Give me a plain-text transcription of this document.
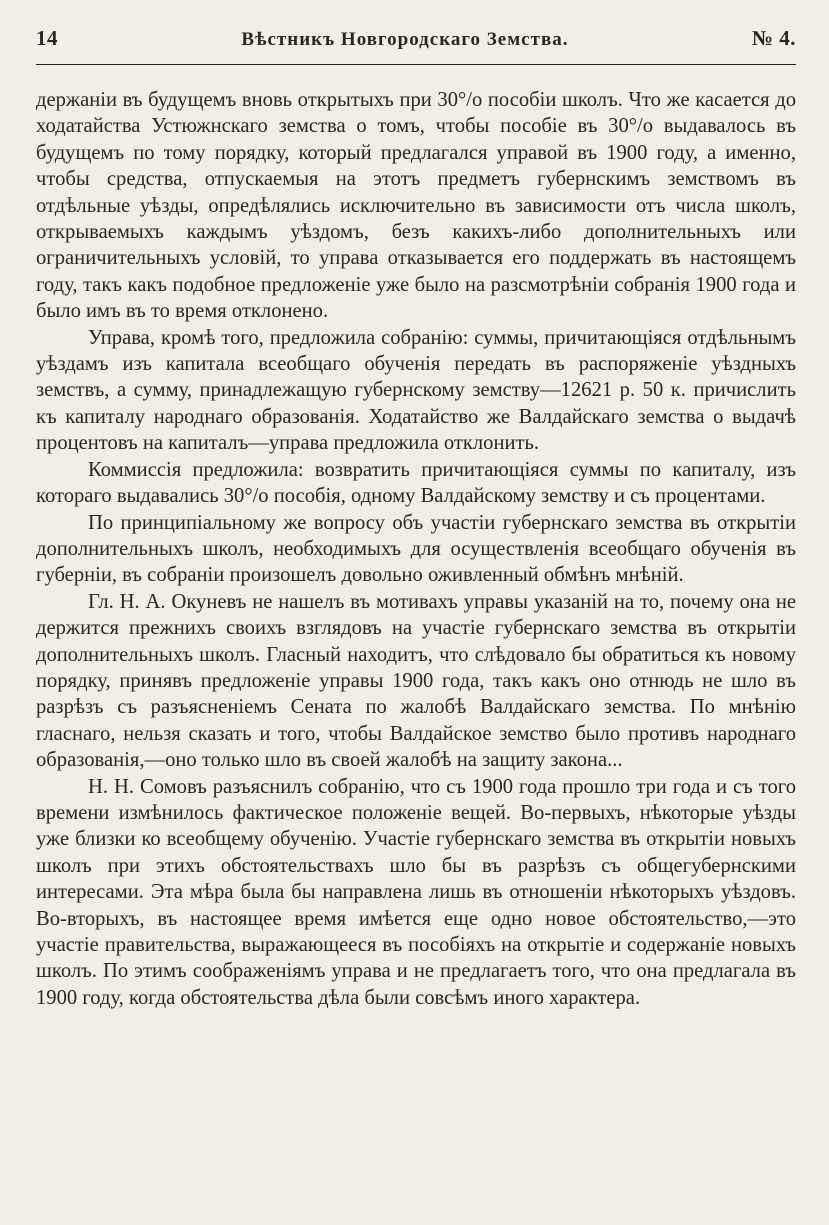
14	Вѣстникъ Новгородскаго Земства.	№ 4.

держаніи въ будущемъ вновь открытыхъ при 30°/o пособіи школъ. Что же касается до ходатайства Устюжнскаго земства о томъ, чтобы пособіе въ 30°/o выдавалось въ будущемъ по тому порядку, который предлагался управой въ 1900 году, а именно, чтобы средства, отпускаемыя на этотъ предметъ губернскимъ земствомъ въ отдѣльные уѣзды, опредѣлялись исключительно въ зависимости отъ числа школъ, открываемыхъ каждымъ уѣздомъ, безъ какихъ-либо дополнительныхъ или ограничительныхъ условій, то управа отказывается его поддержать въ настоящемъ году, такъ какъ подобное предложеніе уже было на разсмотрѣніи собранія 1900 года и было имъ въ то время отклонено.

Управа, кромѣ того, предложила собранію: суммы, причитающіяся отдѣльнымъ уѣздамъ изъ капитала всеобщаго обученія передать въ распоряженіе уѣздныхъ земствъ, а сумму, принадлежащую губернскому земству—12621 р. 50 к. причислить къ капиталу народнаго образованія. Ходатайство же Валдайскаго земства о выдачѣ процентовъ на капиталъ—управа предложила отклонить.

Коммиссія предложила: возвратить причитающіяся суммы по капиталу, изъ котораго выдавались 30°/o пособія, одному Валдайскому земству и съ процентами.

По принципіальному же вопросу объ участіи губернскаго земства въ открытіи дополнительныхъ школъ, необходимыхъ для осуществленія всеобщаго обученія въ губерніи, въ собраніи произошелъ довольно оживленный обмѣнъ мнѣній.

Гл. Н. А. Окуневъ не нашелъ въ мотивахъ управы указаній на то, почему она не держится прежнихъ своихъ взглядовъ на участіе губернскаго земства въ открытіи дополнительныхъ школъ. Гласный находитъ, что слѣдовало бы обратиться къ новому порядку, принявъ предложеніе управы 1900 года, такъ какъ оно отнюдь не шло въ разрѣзъ съ разъясненіемъ Сената по жалобѣ Валдайскаго земства. По мнѣнію гласнаго, нельзя сказать и того, чтобы Валдайское земство было противъ народнаго образованія,—оно только шло въ своей жалобѣ на защиту закона...

Н. Н. Сомовъ разъяснилъ собранію, что съ 1900 года прошло три года и съ того времени измѣнилось фактическое положеніе вещей. Во-первыхъ, нѣкоторые уѣзды уже близки ко всеобщему обученію. Участіе губернскаго земства въ открытіи новыхъ школъ при этихъ обстоятельствахъ шло бы въ разрѣзъ съ общегубернскими интересами. Эта мѣра была бы направлена лишь въ отношеніи нѣкоторыхъ уѣздовъ. Во-вторыхъ, въ настоящее время имѣется еще одно новое обстоятельство,—это участіе правительства, выражающееся въ пособіяхъ на открытіе и содержаніе новыхъ школъ. По этимъ соображеніямъ управа и не предлагаетъ того, что она предлагала въ 1900 году, когда обстоятельства дѣла были совсѣмъ иного характера.
